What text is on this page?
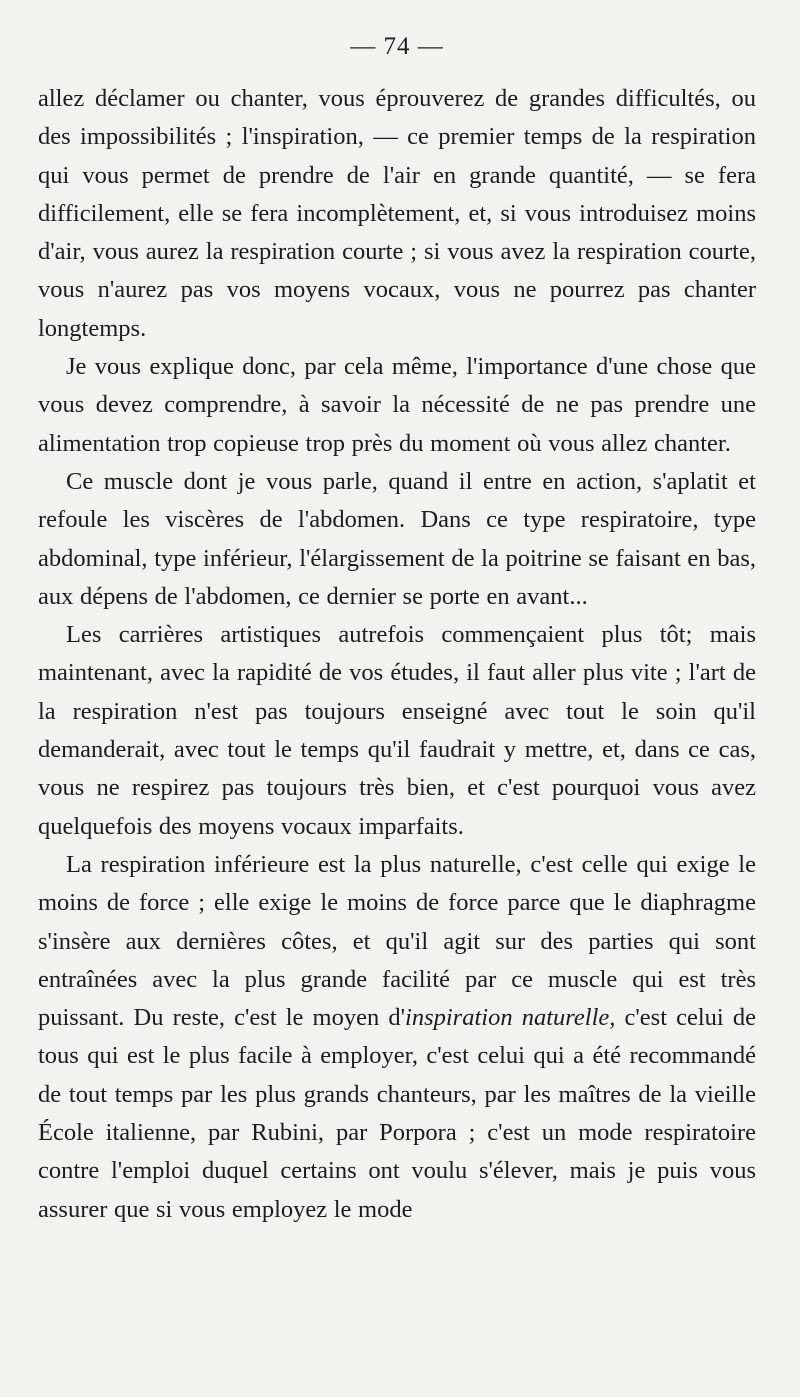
— 74 —

allez déclamer ou chanter, vous éprouverez de grandes difficultés, ou des impossibilités ; l'inspiration, — ce premier temps de la respiration qui vous permet de prendre de l'air en grande quantité, — se fera difficilement, elle se fera incomplètement, et, si vous introduisez moins d'air, vous aurez la respiration courte ; si vous avez la respiration courte, vous n'aurez pas vos moyens vocaux, vous ne pourrez pas chanter longtemps.

Je vous explique donc, par cela même, l'importance d'une chose que vous devez comprendre, à savoir la nécessité de ne pas prendre une alimentation trop copieuse trop près du moment où vous allez chanter.

Ce muscle dont je vous parle, quand il entre en action, s'aplatit et refoule les viscères de l'abdomen. Dans ce type respiratoire, type abdominal, type inférieur, l'élargissement de la poitrine se faisant en bas, aux dépens de l'abdomen, ce dernier se porte en avant...

Les carrières artistiques autrefois commençaient plus tôt; mais maintenant, avec la rapidité de vos études, il faut aller plus vite ; l'art de la respiration n'est pas toujours enseigné avec tout le soin qu'il demanderait, avec tout le temps qu'il faudrait y mettre, et, dans ce cas, vous ne respirez pas toujours très bien, et c'est pourquoi vous avez quelquefois des moyens vocaux imparfaits.

La respiration inférieure est la plus naturelle, c'est celle qui exige le moins de force ; elle exige le moins de force parce que le diaphragme s'insère aux dernières côtes, et qu'il agit sur des parties qui sont entraînées avec la plus grande facilité par ce muscle qui est très puissant. Du reste, c'est le moyen d'inspiration naturelle, c'est celui de tous qui est le plus facile à employer, c'est celui qui a été recommandé de tout temps par les plus grands chanteurs, par les maîtres de la vieille École italienne, par Rubini, par Porpora ; c'est un mode respiratoire contre l'emploi duquel certains ont voulu s'élever, mais je puis vous assurer que si vous employez le mode
